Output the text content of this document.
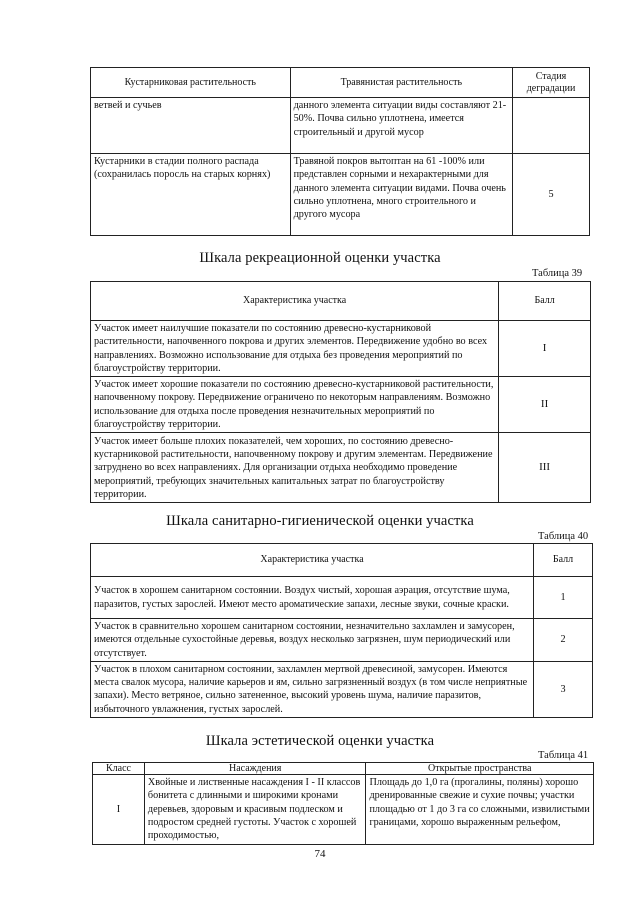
Кустарниковая растительность	Травянистая растительность	Стадия деградации
ветвей и сучьев	данного элемента ситуации виды составляют 21-50%. Почва сильно уплотнена, имеется строительный и другой мусор	
Кустарники в стадии полного распада (сохранилась поросль на старых корнях)	Травяной покров вытоптан на 61 -100% или представлен сорными и нехарактерными для данного элемента ситуации видами. Почва очень сильно уплотнена, много строительного и другого мусора	5
Шкала рекреационной оценки участка
Таблица 39
Характеристика участка	Балл
Участок имеет наилучшие показатели по состоянию древесно-кустарниковой растительности, напочвенного покрова и других элементов. Передвижение удобно во всех направлениях. Возможно использование для отдыха без проведения мероприятий по благоустройству территории.	I
Участок имеет хорошие показатели по состоянию древесно-кустарниковой растительности, напочвенному покрову. Передвижение ограничено по некоторым направлениям. Возможно использование для отдыха после проведения незначительных мероприятий по благоустройству территории.	II
Участок имеет больше плохих показателей, чем хороших, по состоянию древесно-кустарниковой растительности, напочвенному покрову и другим элементам. Передвижение затруднено во всех направлениях. Для организации отдыха необходимо проведение мероприятий, требующих значительных капитальных затрат по благоустройству территории.	III
Шкала санитарно-гигиенической оценки участка
Таблица 40
Характеристика участка	Балл
Участок в хорошем санитарном состоянии. Воздух чистый, хорошая аэрация, отсутствие шума, паразитов, густых зарослей. Имеют место ароматические запахи, лесные звуки, сочные краски.	1
Участок в сравнительно хорошем санитарном состоянии, незначительно захламлен и замусорен, имеются отдельные сухостойные деревья, воздух несколько загрязнен, шум периодический или отсутствует.	2
Участок в плохом санитарном состоянии, захламлен мертвой древесиной, замусорен. Имеются места свалок мусора, наличие карьеров и ям, сильно загрязненный воздух (в том числе неприятные запахи). Место ветряное, сильно затененное, высокий уровень шума, наличие паразитов, избыточного увлажнения, густых зарослей.	3
Шкала эстетической оценки участка
Таблица 41
Класс	Насаждения	Открытые пространства
I	Хвойные и лиственные насаждения I - II классов бонитета с длинными и широкими кронами деревьев, здоровым и красивым подлеском и подростом средней густоты. Участок с хорошей проходимостью,	Площадь до 1,0 га (прогалины, поляны) хорошо дренированные свежие и сухие почвы; участки площадью от 1 до 3 га со сложными, извилистыми границами, хорошо выраженным рельефом,
74
